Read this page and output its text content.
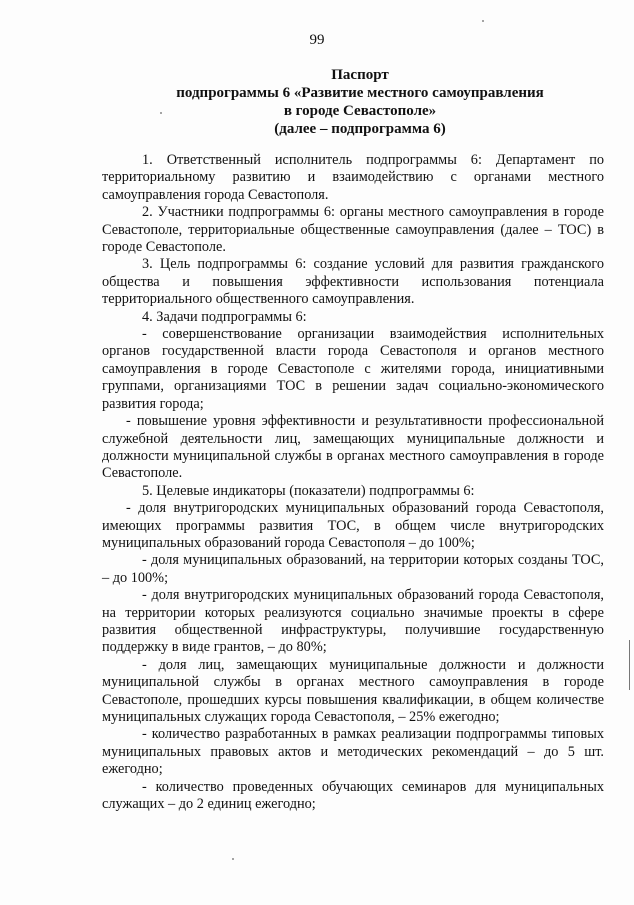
99
Паспорт
подпрограммы 6 «Развитие местного самоуправления
в городе Севастополе»
(далее – подпрограмма 6)

1. Ответственный исполнитель подпрограммы 6: Департамент по территориальному развитию и взаимодействию с органами местного самоуправления города Севастополя.

2. Участники подпрограммы 6: органы местного самоуправления в городе Севастополе, территориальные общественные самоуправления (далее – ТОС) в городе Севастополе.

3. Цель подпрограммы 6: создание условий для развития гражданского общества и повышения эффективности использования потенциала территориального общественного самоуправления.

4. Задачи подпрограммы 6:

- совершенствование организации взаимодействия исполнительных органов государственной власти города Севастополя и органов местного самоуправления в городе Севастополе с жителями города, инициативными группами, организациями ТОС в решении задач социально-экономического развития города;

- повышение уровня эффективности и результативности профессиональной служебной деятельности лиц, замещающих муниципальные должности и должности муниципальной службы в органах местного самоуправления в городе Севастополе.

5. Целевые индикаторы (показатели) подпрограммы 6:

- доля внутригородских муниципальных образований города Севастополя, имеющих программы развития ТОС, в общем числе внутригородских муниципальных образований города Севастополя – до 100%;

- доля муниципальных образований, на территории которых созданы ТОС, – до 100%;

- доля внутригородских муниципальных образований города Севастополя, на территории которых реализуются социально значимые проекты в сфере развития общественной инфраструктуры, получившие государственную поддержку в виде грантов, – до 80%;

- доля лиц, замещающих муниципальные должности и должности муниципальной службы в органах местного самоуправления в городе Севастополе, прошедших курсы повышения квалификации, в общем количестве муниципальных служащих города Севастополя, – 25% ежегодно;

- количество разработанных в рамках реализации подпрограммы типовых муниципальных правовых актов и методических рекомендаций – до 5 шт. ежегодно;

- количество проведенных обучающих семинаров для муниципальных служащих – до 2 единиц ежегодно;
